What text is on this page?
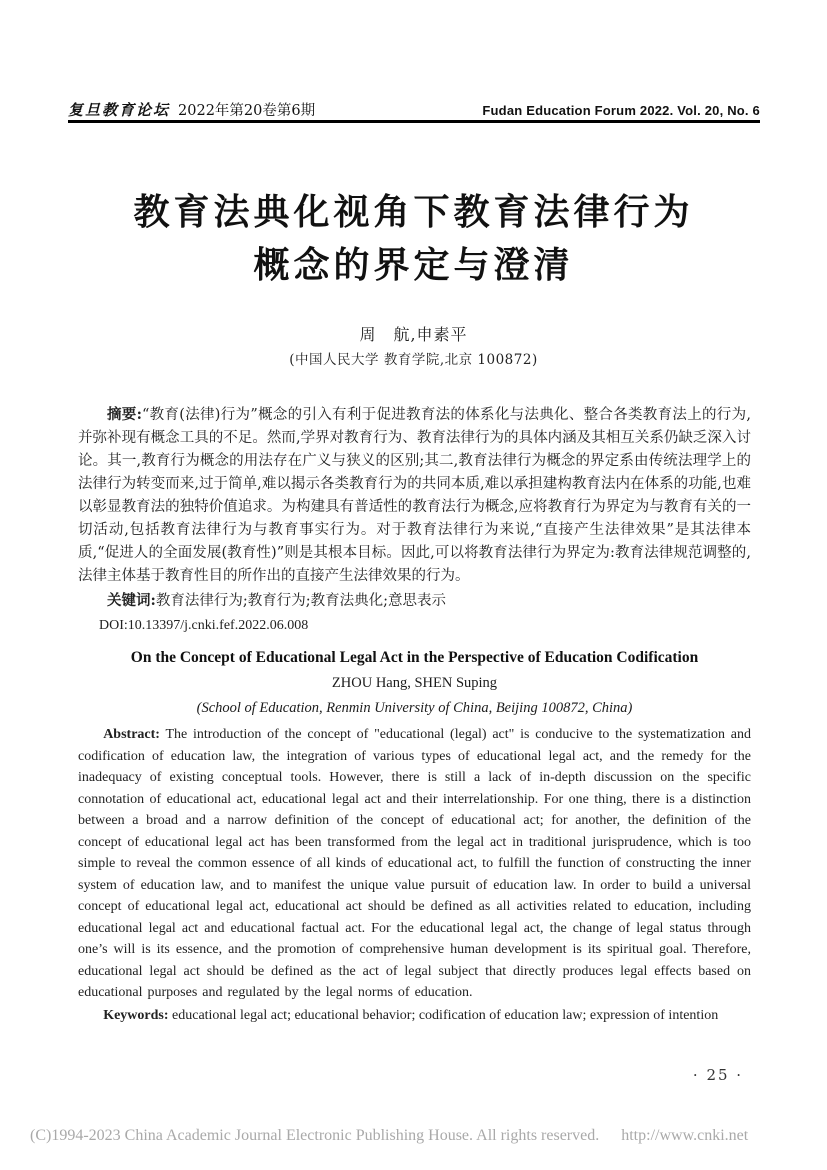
复旦教育论坛 2022年第20卷第6期	Fudan Education Forum 2022. Vol. 20, No. 6
教育法典化视角下教育法律行为
概念的界定与澄清
周　航,申素平
(中国人民大学 教育学院,北京 100872)

摘要:“教育(法律)行为”概念的引入有利于促进教育法的体系化与法典化、整合各类教育法上的行为,并弥补现有概念工具的不足。然而,学界对教育行为、教育法律行为的具体内涵及其相互关系仍缺乏深入讨论。其一,教育行为概念的用法存在广义与狭义的区别;其二,教育法律行为概念的界定系由传统法理学上的法律行为转变而来,过于简单,难以揭示各类教育行为的共同本质,难以承担建构教育法内在体系的功能,也难以彰显教育法的独特价值追求。为构建具有普适性的教育法行为概念,应将教育行为界定为与教育有关的一切活动,包括教育法律行为与教育事实行为。对于教育法律行为来说,“直接产生法律效果”是其法律本质,“促进人的全面发展(教育性)”则是其根本目标。因此,可以将教育法律行为界定为:教育法律规范调整的,法律主体基于教育性目的所作出的直接产生法律效果的行为。

关键词:教育法律行为;教育行为;教育法典化;意思表示

DOI:10.13397/j.cnki.fef.2022.06.008

On the Concept of Educational Legal Act in the Perspective of Education Codification
ZHOU Hang, SHEN Suping
(School of Education, Renmin University of China, Beijing 100872, China)

Abstract: The introduction of the concept of "educational (legal) act" is conducive to the systematization and codification of education law, the integration of various types of educational legal act, and the remedy for the inadequacy of existing conceptual tools. However, there is still a lack of in-depth discussion on the specific connotation of educational act, educational legal act and their interrelationship. For one thing, there is a distinction between a broad and a narrow definition of the concept of educational act; for another, the definition of the concept of educational legal act has been transformed from the legal act in traditional jurisprudence, which is too simple to reveal the common essence of all kinds of educational act, to fulfill the function of constructing the inner system of education law, and to manifest the unique value pursuit of education law. In order to build a universal concept of educational legal act, educational act should be defined as all activities related to education, including educational legal act and educational factual act. For the educational legal act, the change of legal status through one’s will is its essence, and the promotion of comprehensive human development is its spiritual goal. Therefore, educational legal act should be defined as the act of legal subject that directly produces legal effects based on educational purposes and regulated by the legal norms of education.

Keywords: educational legal act; educational behavior; codification of education law; expression of intention

· 25 ·
(C)1994-2023 China Academic Journal Electronic Publishing House. All rights reserved. http://www.cnki.net
